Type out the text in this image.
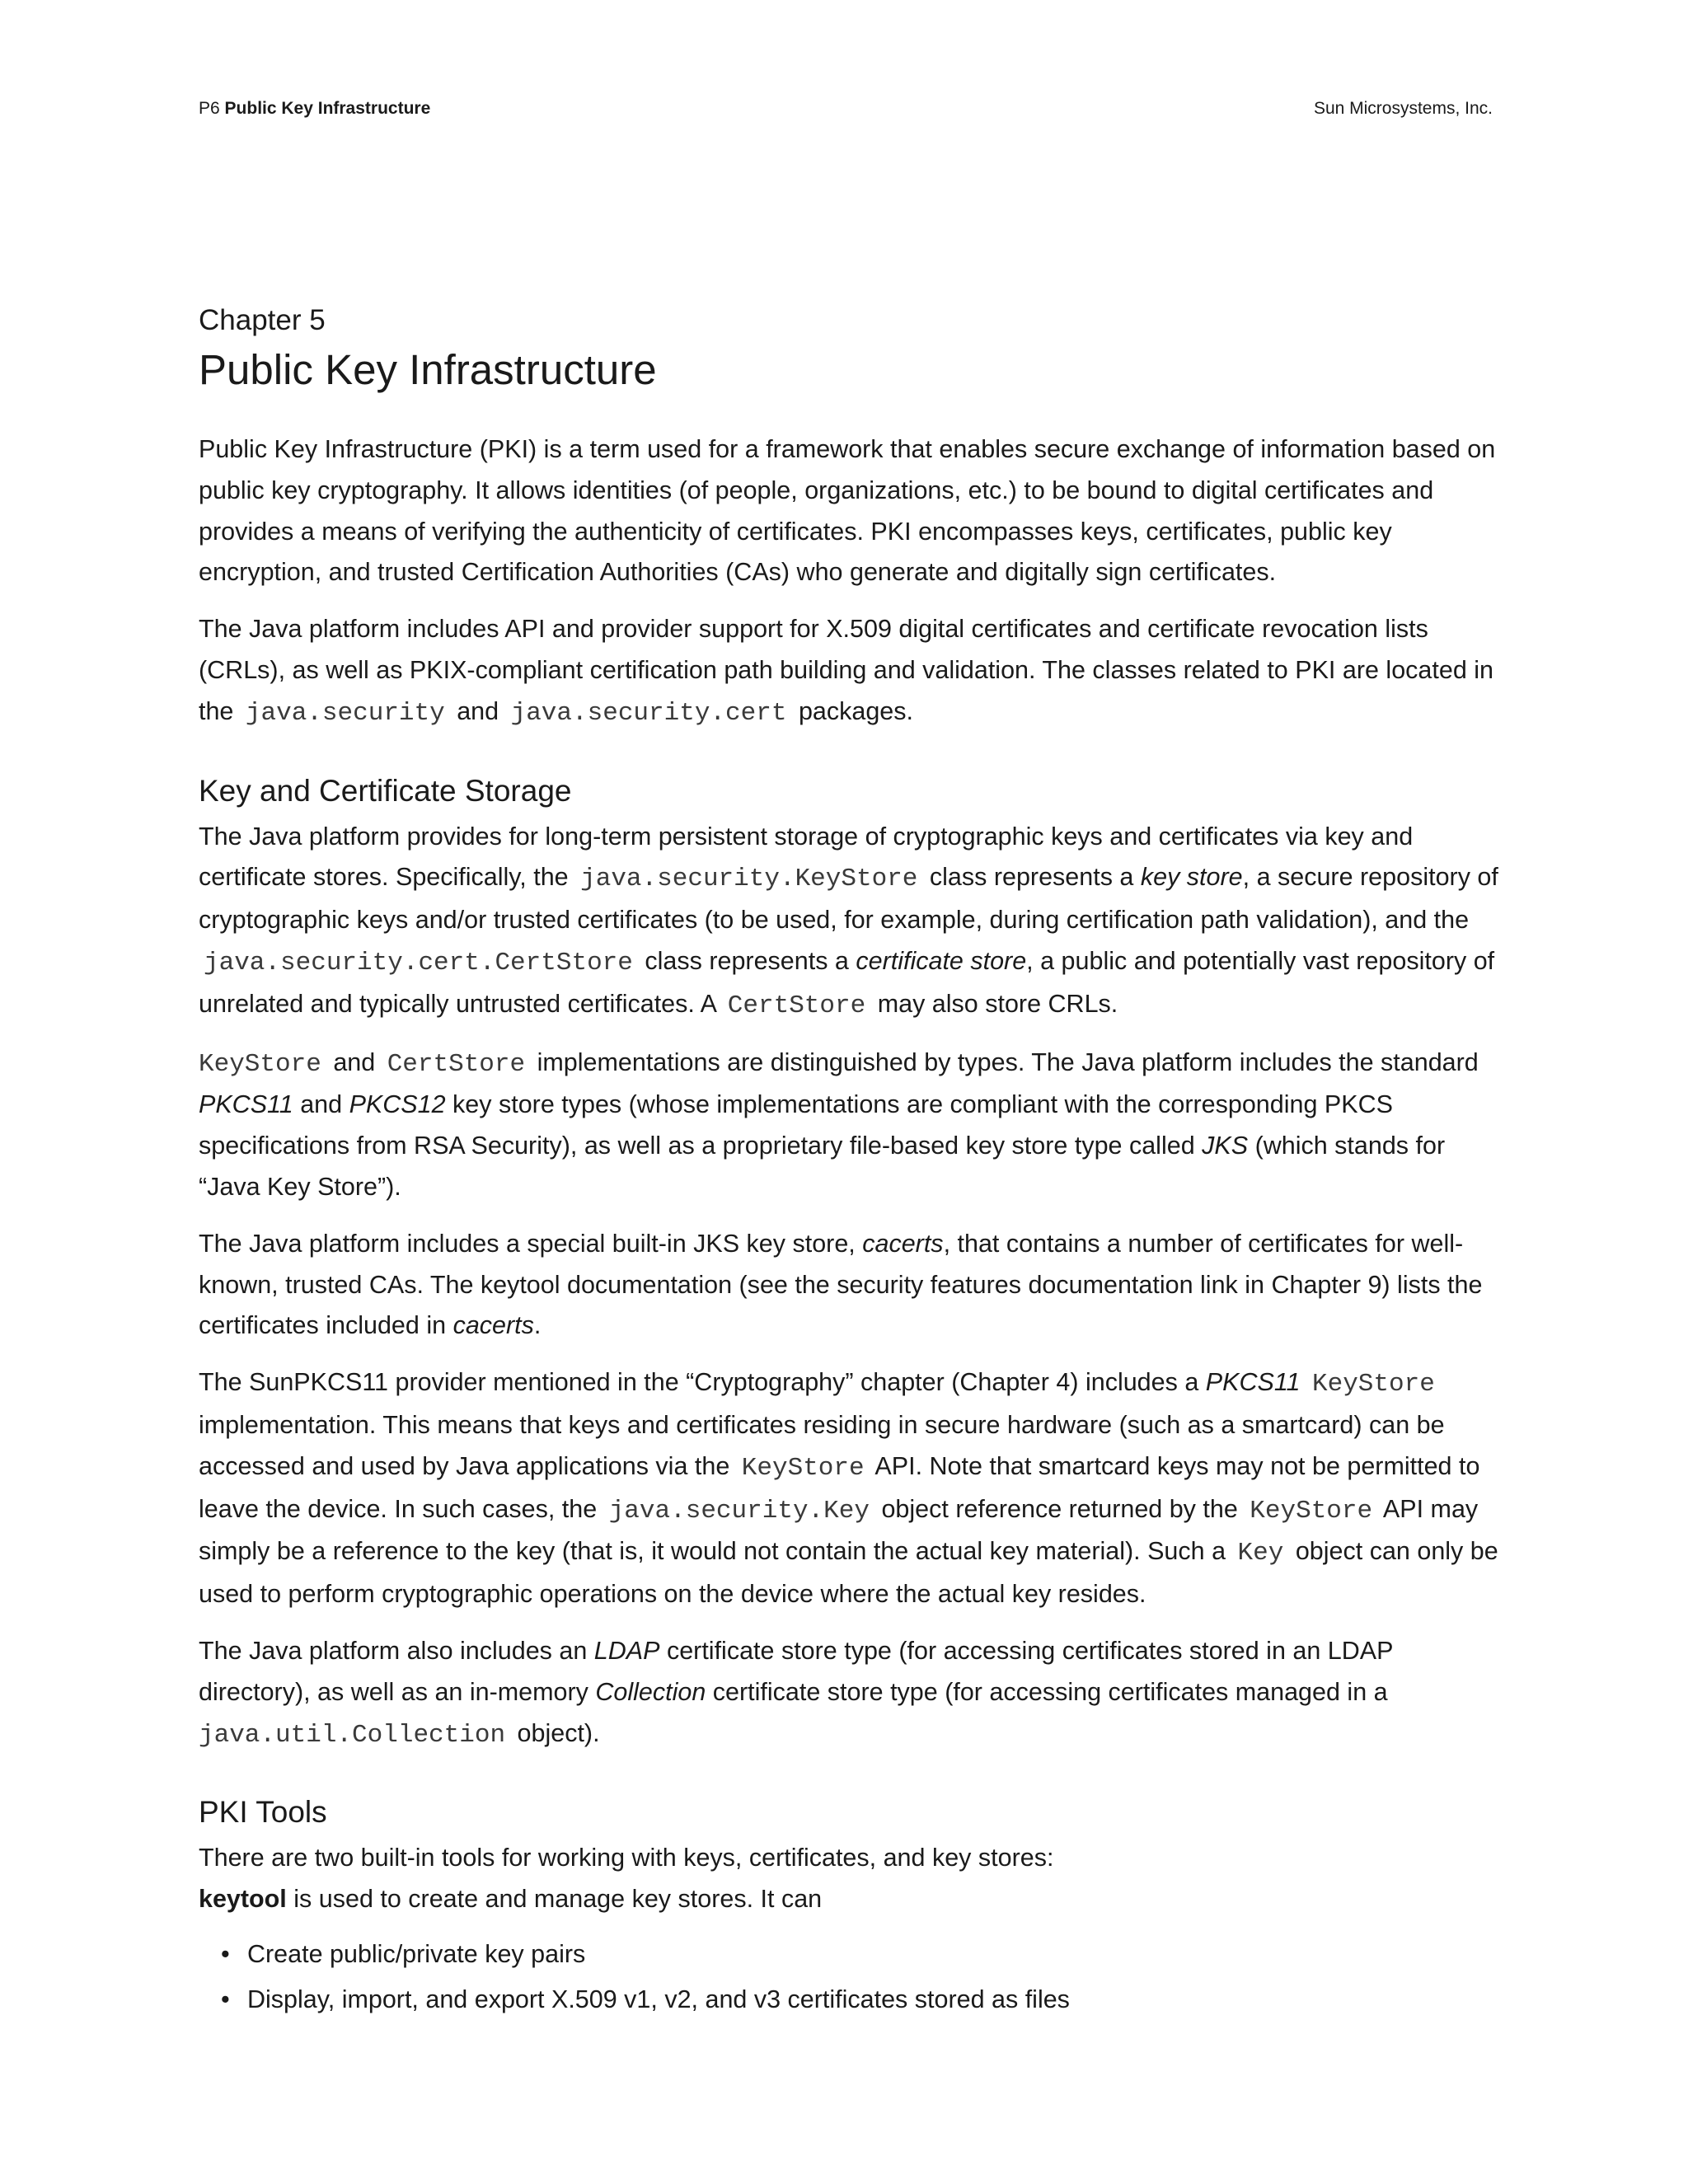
P6 Public Key Infrastructure	Sun Microsystems, Inc.
Chapter 5
Public Key Infrastructure

Public Key Infrastructure (PKI) is a term used for a framework that enables secure exchange of information based on public key cryptography. It allows identities (of people, organizations, etc.) to be bound to digital certificates and provides a means of verifying the authenticity of certificates. PKI encompasses keys, certificates, public key encryption, and trusted Certification Authorities (CAs) who generate and digitally sign certificates.

The Java platform includes API and provider support for X.509 digital certificates and certificate revocation lists (CRLs), as well as PKIX-compliant certification path building and validation. The classes related to PKI are located in the java.security and java.security.cert packages.

Key and Certificate Storage

The Java platform provides for long-term persistent storage of cryptographic keys and certificates via key and certificate stores. Specifically, the java.security.KeyStore class represents a key store, a secure repository of cryptographic keys and/or trusted certificates (to be used, for example, during certification path validation), and the java.security.cert.CertStore class represents a certificate store, a public and potentially vast repository of unrelated and typically untrusted certificates. A CertStore may also store CRLs.

KeyStore and CertStore implementations are distinguished by types. The Java platform includes the standard PKCS11 and PKCS12 key store types (whose implementations are compliant with the corresponding PKCS specifications from RSA Security), as well as a proprietary file-based key store type called JKS (which stands for “Java Key Store”).

The Java platform includes a special built-in JKS key store, cacerts, that contains a number of certificates for well-known, trusted CAs. The keytool documentation (see the security features documentation link in Chapter 9) lists the certificates included in cacerts.

The SunPKCS11 provider mentioned in the “Cryptography” chapter (Chapter 4) includes a PKCS11 KeyStore implementation. This means that keys and certificates residing in secure hardware (such as a smartcard) can be accessed and used by Java applications via the KeyStore API. Note that smartcard keys may not be permitted to leave the device. In such cases, the java.security.Key object reference returned by the KeyStore API may simply be a reference to the key (that is, it would not contain the actual key material). Such a Key object can only be used to perform cryptographic operations on the device where the actual key resides.

The Java platform also includes an LDAP certificate store type (for accessing certificates stored in an LDAP directory), as well as an in-memory Collection certificate store type (for accessing certificates managed in a java.util.Collection object).

PKI Tools

There are two built-in tools for working with keys, certificates, and key stores:

keytool is used to create and manage key stores. It can

• Create public/private key pairs
• Display, import, and export X.509 v1, v2, and v3 certificates stored as files
